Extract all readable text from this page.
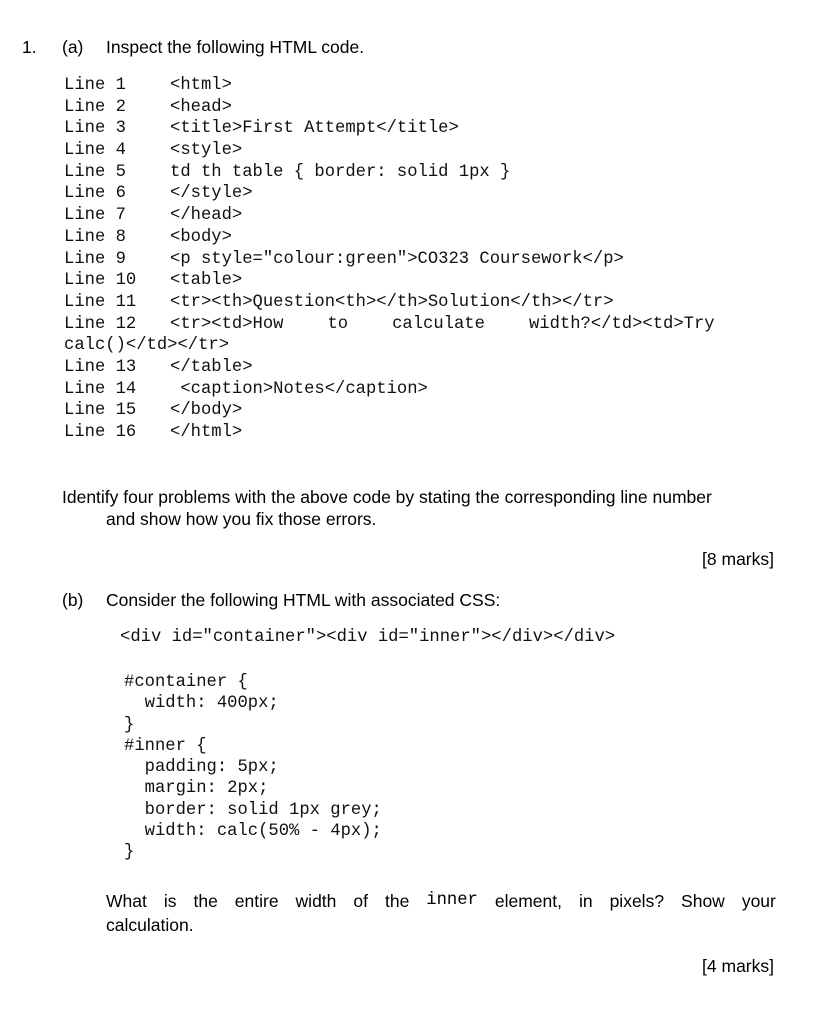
1. (a) Inspect the following HTML code.
Line 1	<html>
Line 2	<head>
Line 3	<title>First Attempt</title>
Line 4	<style>
Line 5	td th table { border: solid 1px }
Line 6	</style>
Line 7	</head>
Line 8	<body>
Line 9	<p style="colour:green">CO323 Coursework</p>
Line 10 <table>
Line 11 <tr><th>Question<th></th>Solution</th></tr>
Line 12 <tr><td>How	to	calculate	width?</td><td>Try
calc()</td></tr>
Line 13 </table>
Line 14 <caption>Notes</caption>
Line 15 </body>
Line 16 </html>
Identify four problems with the above code by stating the corresponding line number
and show how you fix those errors.
[8 marks]
(b) Consider the following HTML with associated CSS:
<div id="container"><div id="inner"></div></div>
#container {
width: 400px;
}
#inner {
padding: 5px;
margin: 2px;
border: solid 1px grey;
width: calc(50% - 4px);
}
What is the entire width of the inner element, in pixels? Show your
calculation.
[4 marks]
